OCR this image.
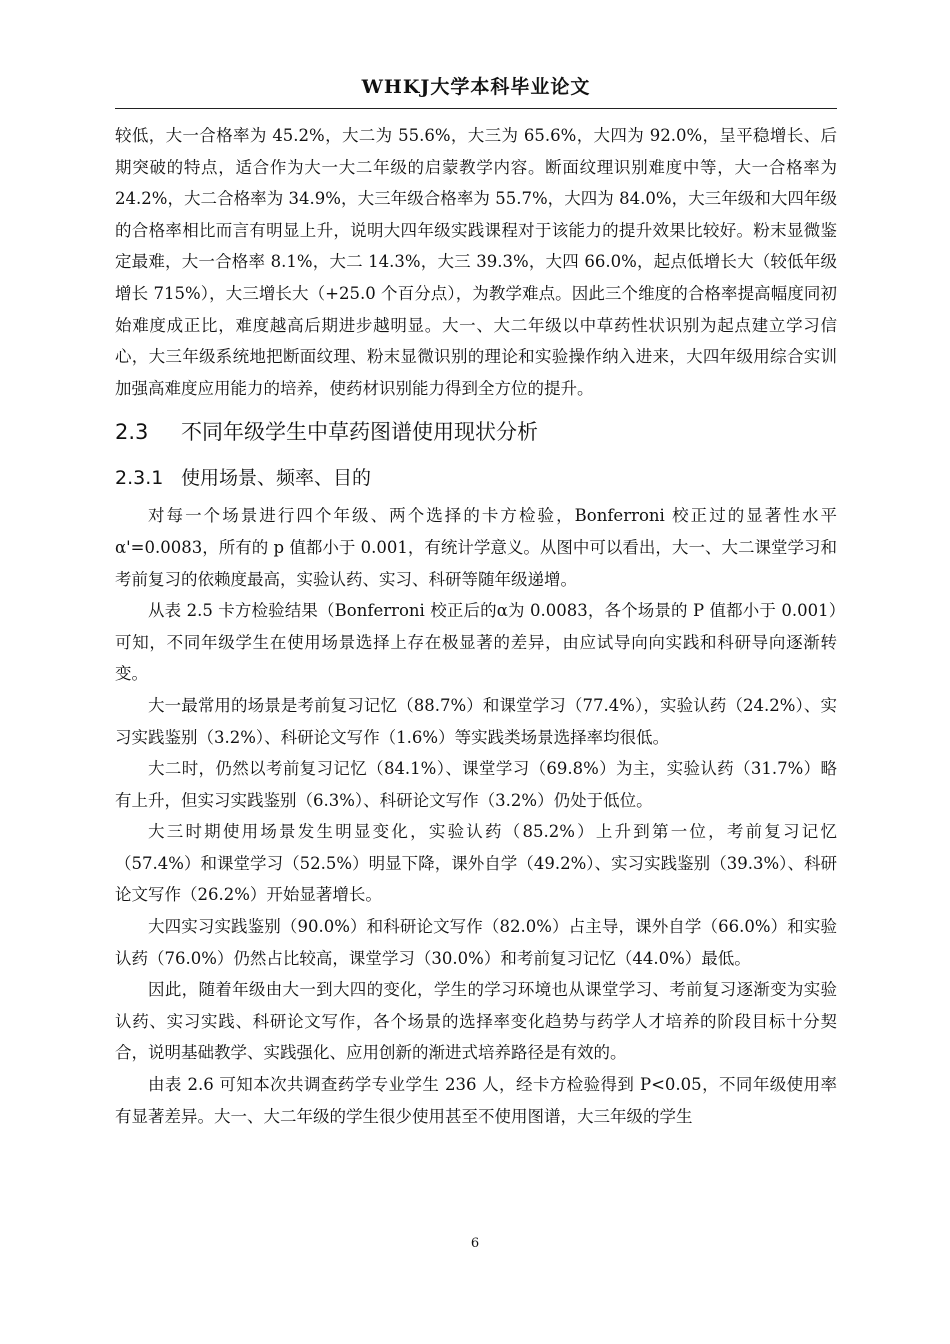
WHKJ大学本科毕业论文

较低，大一合格率为 45.2%，大二为 55.6%，大三为 65.6%，大四为 92.0%，呈平稳增长、后期突破的特点，适合作为大一大二年级的启蒙教学内容。断面纹理识别难度中等，大一合格率为 24.2%，大二合格率为 34.9%，大三年级合格率为 55.7%，大四为 84.0%，大三年级和大四年级的合格率相比而言有明显上升，说明大四年级实践课程对于该能力的提升效果比较好。粉末显微鉴定最难，大一合格率 8.1%，大二 14.3%，大三 39.3%，大四 66.0%，起点低增长大（较低年级增长 715%），大三增长大（+25.0 个百分点），为教学难点。因此三个维度的合格率提高幅度同初始难度成正比，难度越高后期进步越明显。大一、大二年级以中草药性状识别为起点建立学习信心，大三年级系统地把断面纹理、粉末显微识别的理论和实验操作纳入进来，大四年级用综合实训加强高难度应用能力的培养，使药材识别能力得到全方位的提升。

2.3 不同年级学生中草药图谱使用现状分析
2.3.1 使用场景、频率、目的

对每一个场景进行四个年级、两个选择的卡方检验，Bonferroni 校正过的显著性水平α'=0.0083，所有的 p 值都小于 0.001，有统计学意义。从图中可以看出，大一、大二课堂学习和考前复习的依赖度最高，实验认药、实习、科研等随年级递增。

从表 2.5 卡方检验结果（Bonferroni 校正后的α为 0.0083，各个场景的 P 值都小于 0.001）可知，不同年级学生在使用场景选择上存在极显著的差异，由应试导向向实践和科研导向逐渐转变。

大一最常用的场景是考前复习记忆（88.7%）和课堂学习（77.4%），实验认药（24.2%）、实习实践鉴别（3.2%）、科研论文写作（1.6%）等实践类场景选择率均很低。

大二时，仍然以考前复习记忆（84.1%）、课堂学习（69.8%）为主，实验认药（31.7%）略有上升，但实习实践鉴别（6.3%）、科研论文写作（3.2%）仍处于低位。

大三时期使用场景发生明显变化，实验认药（85.2%）上升到第一位，考前复习记忆（57.4%）和课堂学习（52.5%）明显下降，课外自学（49.2%）、实习实践鉴别（39.3%）、科研论文写作（26.2%）开始显著增长。

大四实习实践鉴别（90.0%）和科研论文写作（82.0%）占主导，课外自学（66.0%）和实验认药（76.0%）仍然占比较高，课堂学习（30.0%）和考前复习记忆（44.0%）最低。

因此，随着年级由大一到大四的变化，学生的学习环境也从课堂学习、考前复习逐渐变为实验认药、实习实践、科研论文写作，各个场景的选择率变化趋势与药学人才培养的阶段目标十分契合，说明基础教学、实践强化、应用创新的渐进式培养路径是有效的。

由表 2.6 可知本次共调查药学专业学生 236 人，经卡方检验得到 P<0.05，不同年级使用率有显著差异。大一、大二年级的学生很少使用甚至不使用图谱，大三年级的学生

6
